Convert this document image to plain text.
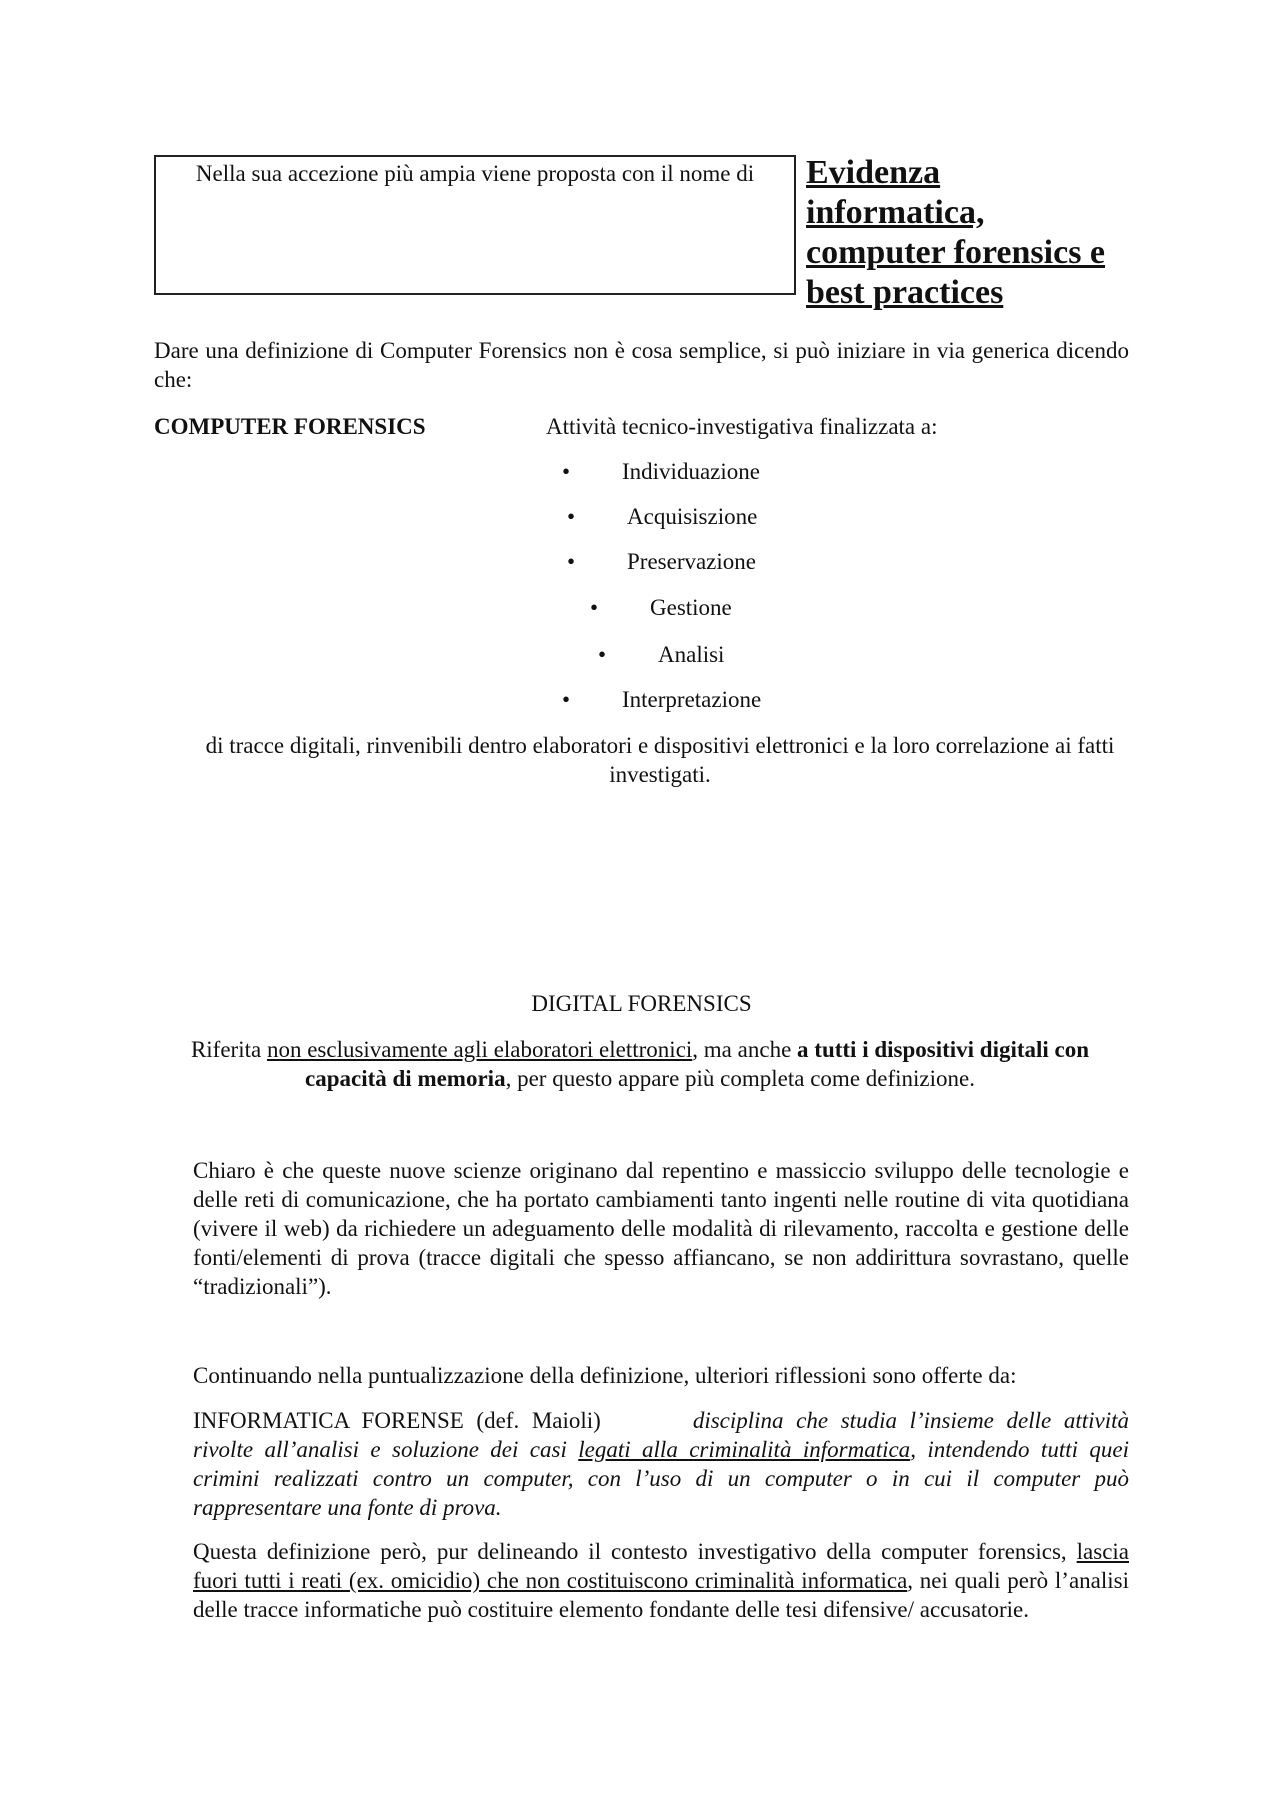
Nella sua accezione più ampia viene proposta con il nome di	Evidenza
informatica,
computer forensics e
best practices
Dare una definizione di Computer Forensics non è cosa semplice, si può iniziare in via generica dicendo che:
COMPUTER FORENSICS	Attività tecnico-investigativa finalizzata a:
• Individuazione
• Acquisiszione
• Preservazione
• Gestione
• Analisi
• Interpretazione
di tracce digitali, rinvenibili dentro elaboratori e dispositivi elettronici e la loro correlazione ai fatti investigati.
DIGITAL FORENSICS
Riferita non esclusivamente agli elaboratori elettronici, ma anche a tutti i dispositivi digitali con capacità di memoria, per questo appare più completa come definizione.
Chiaro è che queste nuove scienze originano dal repentino e massiccio sviluppo delle tecnologie e delle reti di comunicazione, che ha portato cambiamenti tanto ingenti nelle routine di vita quotidiana (vivere il web) da richiedere un adeguamento delle modalità di rilevamento, raccolta e gestione delle fonti/elementi di prova (tracce digitali che spesso affiancano, se non addirittura sovrastano, quelle “tradizionali”).
Continuando nella puntualizzazione della definizione, ulteriori riflessioni sono offerte da:
INFORMATICA FORENSE (def. Maioli)	disciplina che studia l’insieme delle attività rivolte all’analisi e soluzione dei casi legati alla criminalità informatica, intendendo tutti quei crimini realizzati contro un computer, con l’uso di un computer o in cui il computer può rappresentare una fonte di prova.
Questa definizione però, pur delineando il contesto investigativo della computer forensics, lascia fuori tutti i reati (ex. omicidio) che non costituiscono criminalità informatica, nei quali però l’analisi delle tracce informatiche può costituire elemento fondante delle tesi difensive/ accusatorie.
